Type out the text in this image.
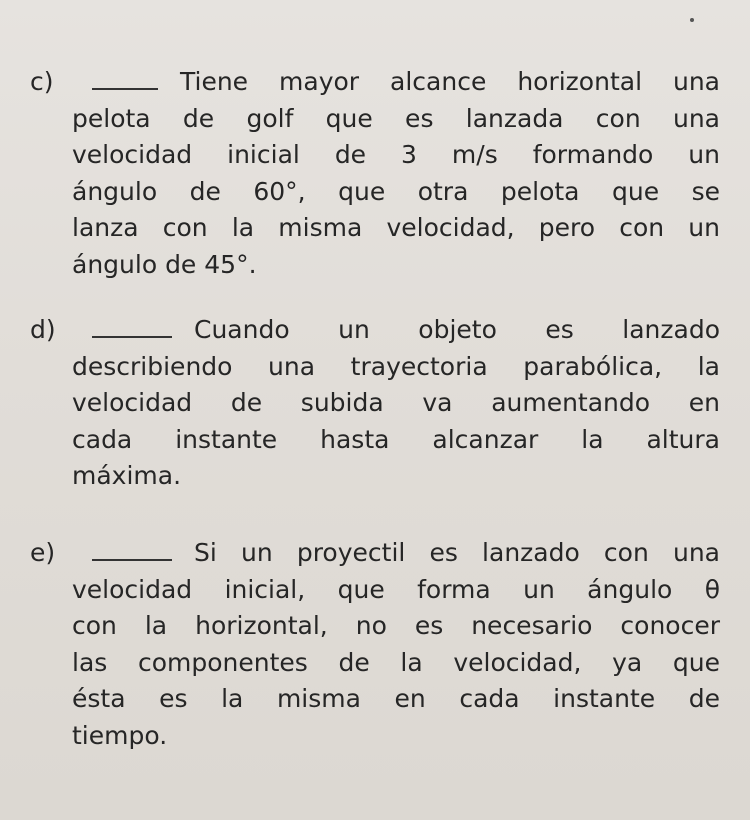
c)	Tiene mayor alcance horizontal una
pelota de golf que es lanzada con una
velocidad inicial de 3 m/s formando un
ángulo de 60°, que otra pelota que se
lanza con la misma velocidad, pero con un
ángulo de 45°.
d)	Cuando un objeto es lanzado
describiendo una trayectoria parabólica, la
velocidad de subida va aumentando en
cada instante hasta alcanzar la altura
máxima.
e)	Si un proyectil es lanzado con una
velocidad inicial, que forma un ángulo θ
con la horizontal, no es necesario conocer
las componentes de la velocidad, ya que
ésta es la misma en cada instante de
tiempo.
